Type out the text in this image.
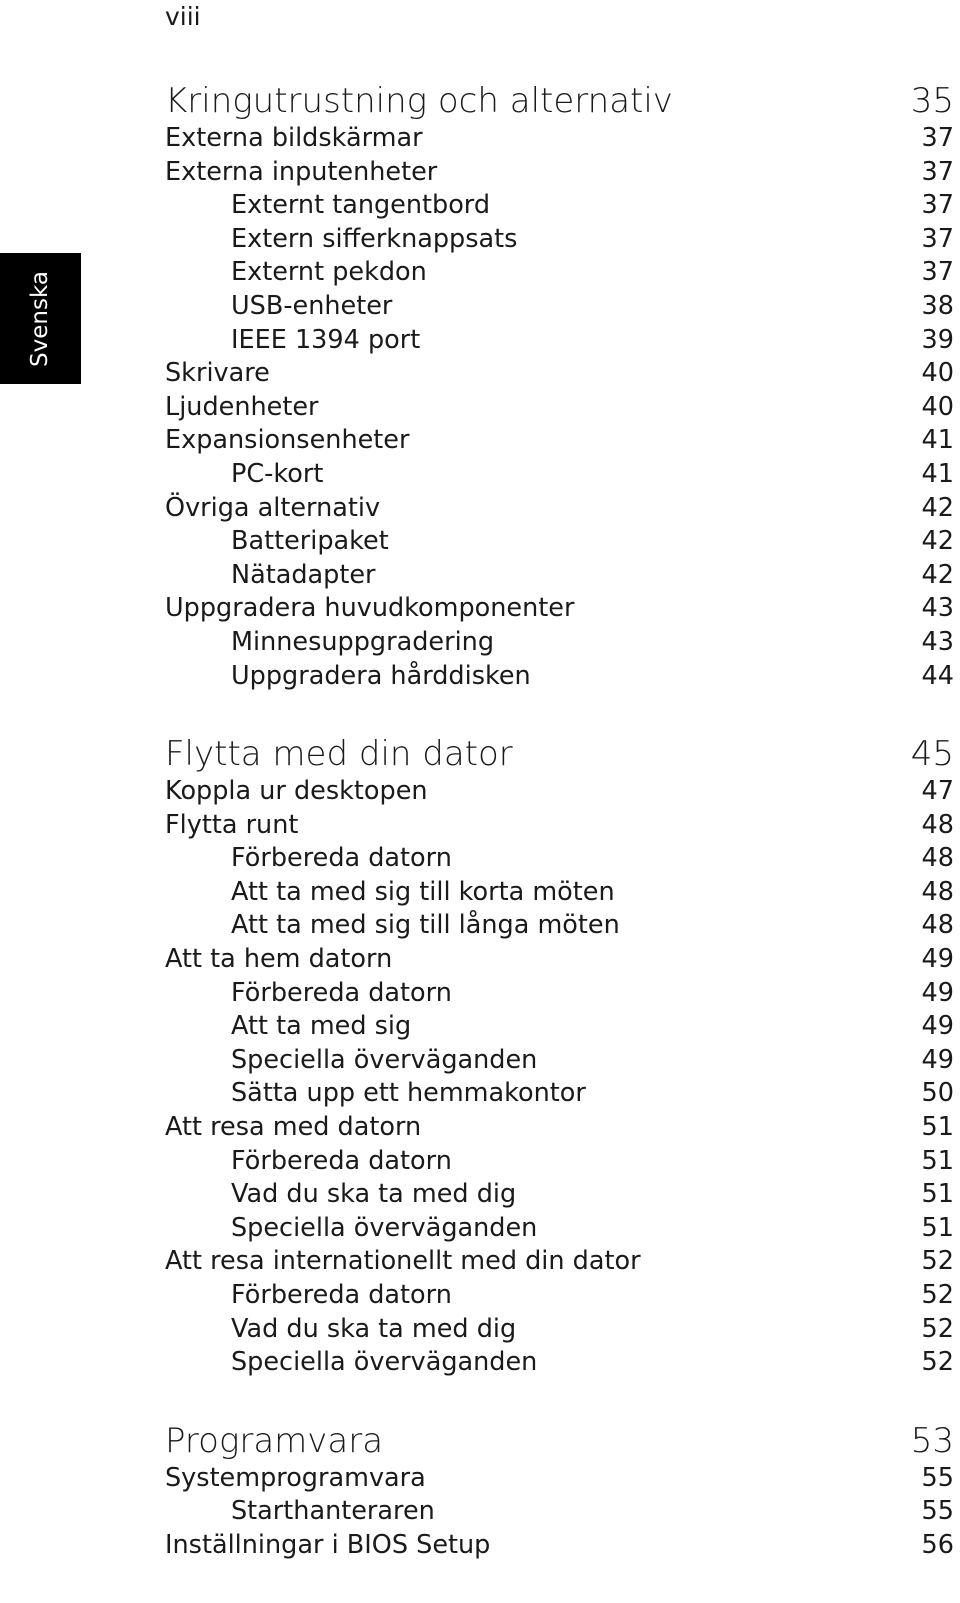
viii
Svenska
Kringutrustning och alternativ	35
Externa bildskärmar	37
Externa inputenheter	37
Externt tangentbord	37
Extern sifferknappsats	37
Externt pekdon	37
USB-enheter	38
IEEE 1394 port	39
Skrivare	40
Ljudenheter	40
Expansionsenheter	41
PC-kort	41
Övriga alternativ	42
Batteripaket	42
Nätadapter	42
Uppgradera huvudkomponenter	43
Minnesuppgradering	43
Uppgradera hårddisken	44
Flytta med din dator	45
Koppla ur desktopen	47
Flytta runt	48
Förbereda datorn	48
Att ta med sig till korta möten	48
Att ta med sig till långa möten	48
Att ta hem datorn	49
Förbereda datorn	49
Att ta med sig	49
Speciella överväganden	49
Sätta upp ett hemmakontor	50
Att resa med datorn	51
Förbereda datorn	51
Vad du ska ta med dig	51
Speciella överväganden	51
Att resa internationellt med din dator	52
Förbereda datorn	52
Vad du ska ta med dig	52
Speciella överväganden	52
Programvara	53
Systemprogramvara	55
Starthanteraren	55
Inställningar i BIOS Setup	56
